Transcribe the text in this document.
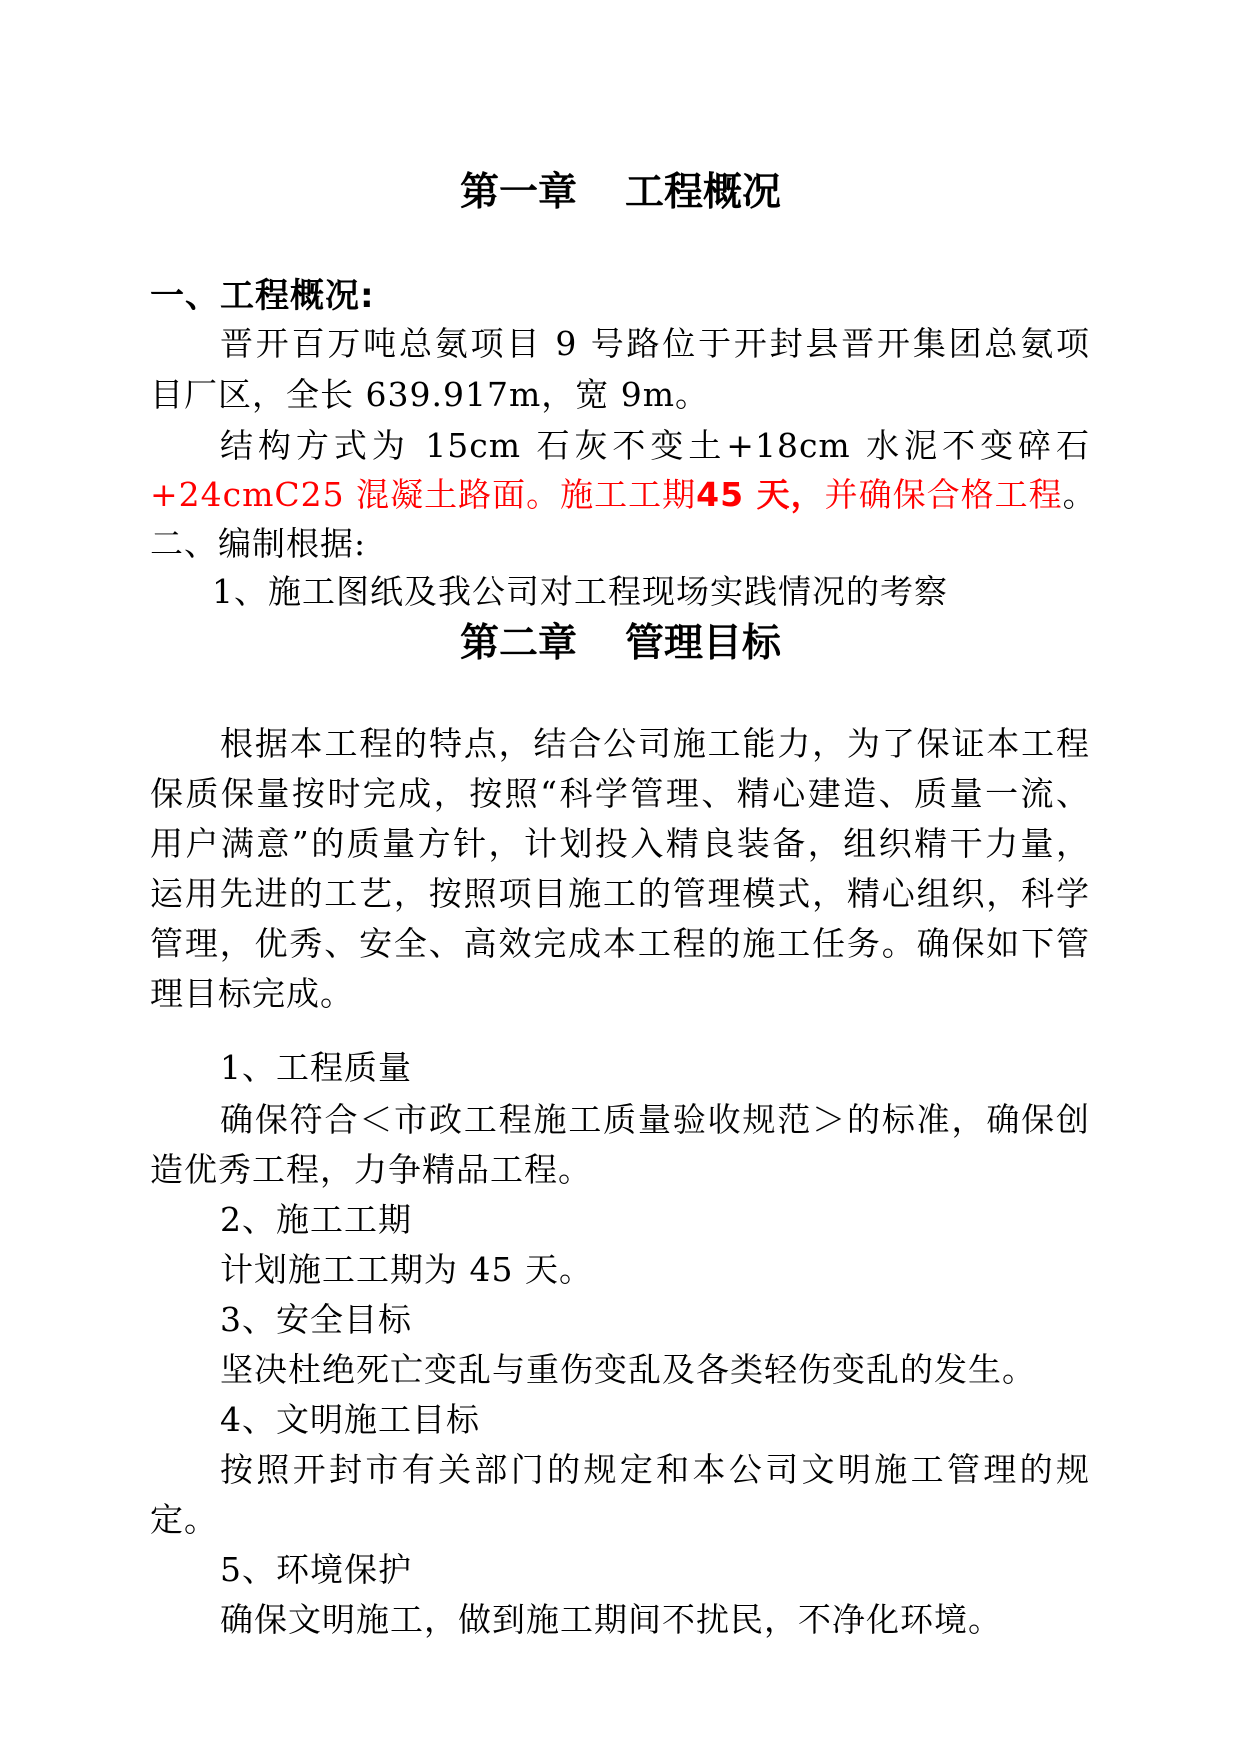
第一章 工程概况
一、工程概况:
晋开百万吨总氨项目 9 号路位于开封县晋开集团总氨项
目厂区，全长 639.917m，宽 9m。
结构方式为 15cm 石灰不变土+18cm 水泥不变碎石
+24cmC25 混凝土路面。施工工期45 天，并确保合格工程。
二、编制根据:
1、施工图纸及我公司对工程现场实践情况的考察
第二章 管理目标
根据本工程的特点，结合公司施工能力，为了保证本工程
保质保量按时完成，按照“科学管理、精心建造、质量一流、
用户满意”的质量方针，计划投入精良装备，组织精干力量，
运用先进的工艺，按照项目施工的管理模式，精心组织，科学
管理，优秀、安全、高效完成本工程的施工任务。确保如下管
理目标完成。
1、工程质量
确保符合＜市政工程施工质量验收规范＞的标准，确保创
造优秀工程，力争精品工程。
2、施工工期
计划施工工期为 45 天。
3、安全目标
坚决杜绝死亡变乱与重伤变乱及各类轻伤变乱的发生。
4、文明施工目标
按照开封市有关部门的规定和本公司文明施工管理的规
定。
5、环境保护
确保文明施工，做到施工期间不扰民，不净化环境。
